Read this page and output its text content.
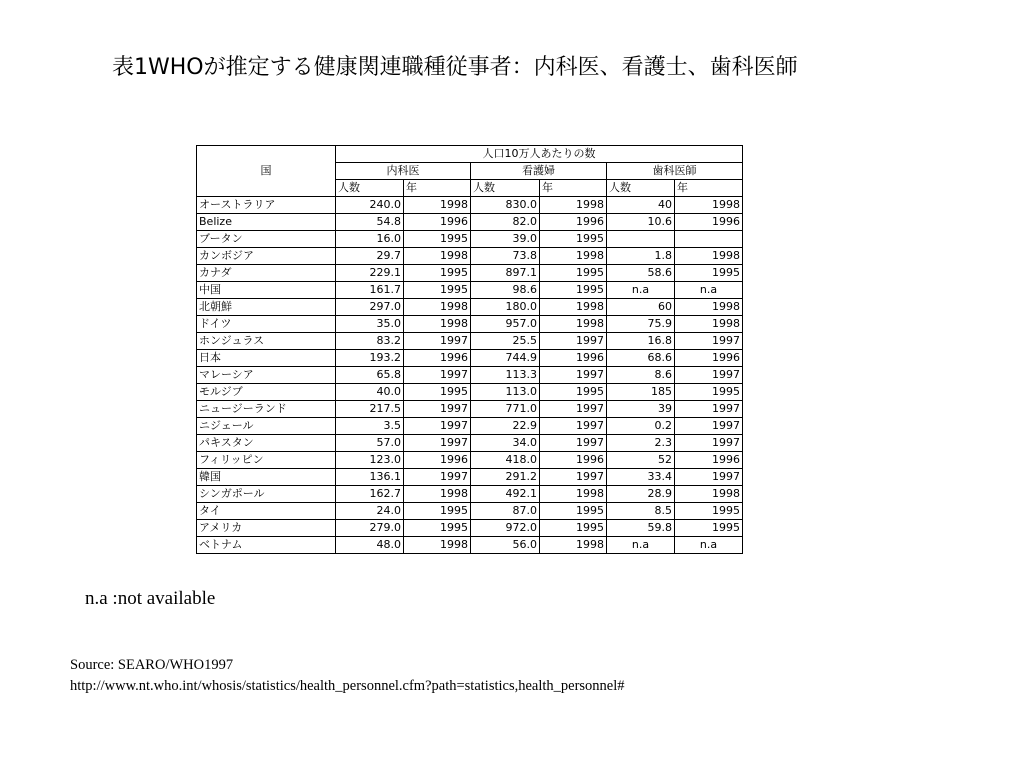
表1WHOが推定する健康関連職種従事者：内科医、看護士、歯科医師
国	人口10万人あたりの数					
	内科医		看護婦		歯科医師	
	人数	年	人数	年	人数	年
オーストラリア	240.0	1998	830.0	1998	40	1998
Belize	54.8	1996	82.0	1996	10.6	1996
ブータン	16.0	1995	39.0	1995		
カンボジア	29.7	1998	73.8	1998	1.8	1998
カナダ	229.1	1995	897.1	1995	58.6	1995
中国	161.7	1995	98.6	1995	n.a	n.a
北朝鮮	297.0	1998	180.0	1998	60	1998
ドイツ	35.0	1998	957.0	1998	75.9	1998
ホンジュラス	83.2	1997	25.5	1997	16.8	1997
日本	193.2	1996	744.9	1996	68.6	1996
マレーシア	65.8	1997	113.3	1997	8.6	1997
モルジブ	40.0	1995	113.0	1995	185	1995
ニュージーランド	217.5	1997	771.0	1997	39	1997
ニジェール	3.5	1997	22.9	1997	0.2	1997
パキスタン	57.0	1997	34.0	1997	2.3	1997
フィリッピン	123.0	1996	418.0	1996	52	1996
韓国	136.1	1997	291.2	1997	33.4	1997
シンガポール	162.7	1998	492.1	1998	28.9	1998
タイ	24.0	1995	87.0	1995	8.5	1995
アメリカ	279.0	1995	972.0	1995	59.8	1995
ベトナム	48.0	1998	56.0	1998	n.a	n.a
n.a :not available
Source: SEARO/WHO1997
http://www.nt.who.int/whosis/statistics/health_personnel.cfm?path=statistics,health_personnel#
